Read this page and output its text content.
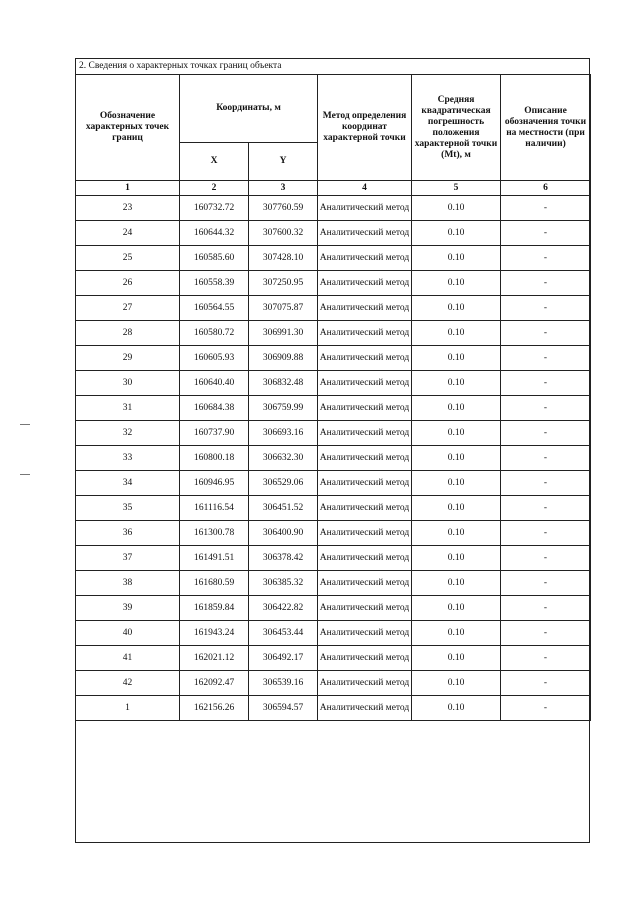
2. Сведения о характерных точках границ объекта
Обозначение характерных точек границ	Координаты, м		Метод определения координат характерной точки	Средняя квадратическая погрешность положения характерной точки (Mt), м	Описание обозначения точки на местности (при наличии)
	X	Y			
1	2	3	4	5	6
23	160732.72	307760.59	Аналитический метод	0.10	-
24	160644.32	307600.32	Аналитический метод	0.10	-
25	160585.60	307428.10	Аналитический метод	0.10	-
26	160558.39	307250.95	Аналитический метод	0.10	-
27	160564.55	307075.87	Аналитический метод	0.10	-
28	160580.72	306991.30	Аналитический метод	0.10	-
29	160605.93	306909.88	Аналитический метод	0.10	-
30	160640.40	306832.48	Аналитический метод	0.10	-
31	160684.38	306759.99	Аналитический метод	0.10	-
32	160737.90	306693.16	Аналитический метод	0.10	-
33	160800.18	306632.30	Аналитический метод	0.10	-
34	160946.95	306529.06	Аналитический метод	0.10	-
35	161116.54	306451.52	Аналитический метод	0.10	-
36	161300.78	306400.90	Аналитический метод	0.10	-
37	161491.51	306378.42	Аналитический метод	0.10	-
38	161680.59	306385.32	Аналитический метод	0.10	-
39	161859.84	306422.82	Аналитический метод	0.10	-
40	161943.24	306453.44	Аналитический метод	0.10	-
41	162021.12	306492.17	Аналитический метод	0.10	-
42	162092.47	306539.16	Аналитический метод	0.10	-
1	162156.26	306594.57	Аналитический метод	0.10	-
